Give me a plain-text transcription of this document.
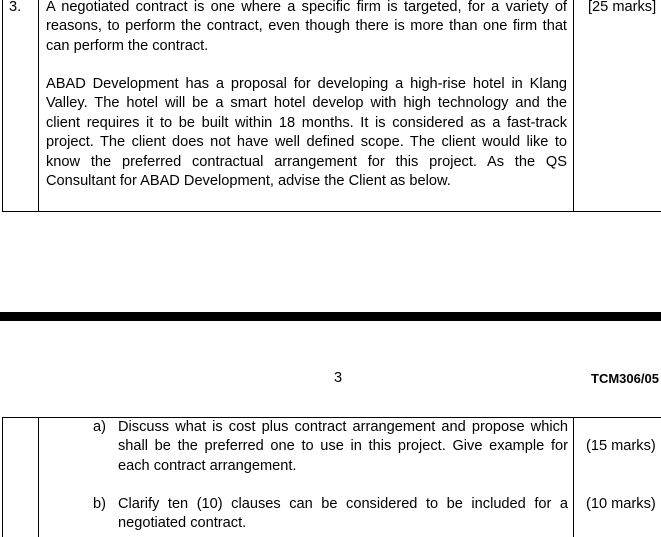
3.	[25 marks]
A negotiated contract is one where a specific firm is targeted, for a variety of
reasons, to perform the contract, even though there is more than one firm that
can perform the contract.
ABAD Development has a proposal for developing a high-rise hotel in Klang
Valley. The hotel will be a smart hotel develop with high technology and the
client requires it to be built within 18 months. It is considered as a fast-track
project. The client does not have well defined scope. The client would like to
know the preferred contractual arrangement for this project. As the QS
Consultant for ABAD Development, advise the Client as below.
3	TCM306/05
a) Discuss what is cost plus contract arrangement and propose which
shall be the preferred one to use in this project. Give example for
each contract arrangement.
(15 marks)
b) Clarify ten (10) clauses can be considered to be included for a
negotiated contract.
(10 marks)
